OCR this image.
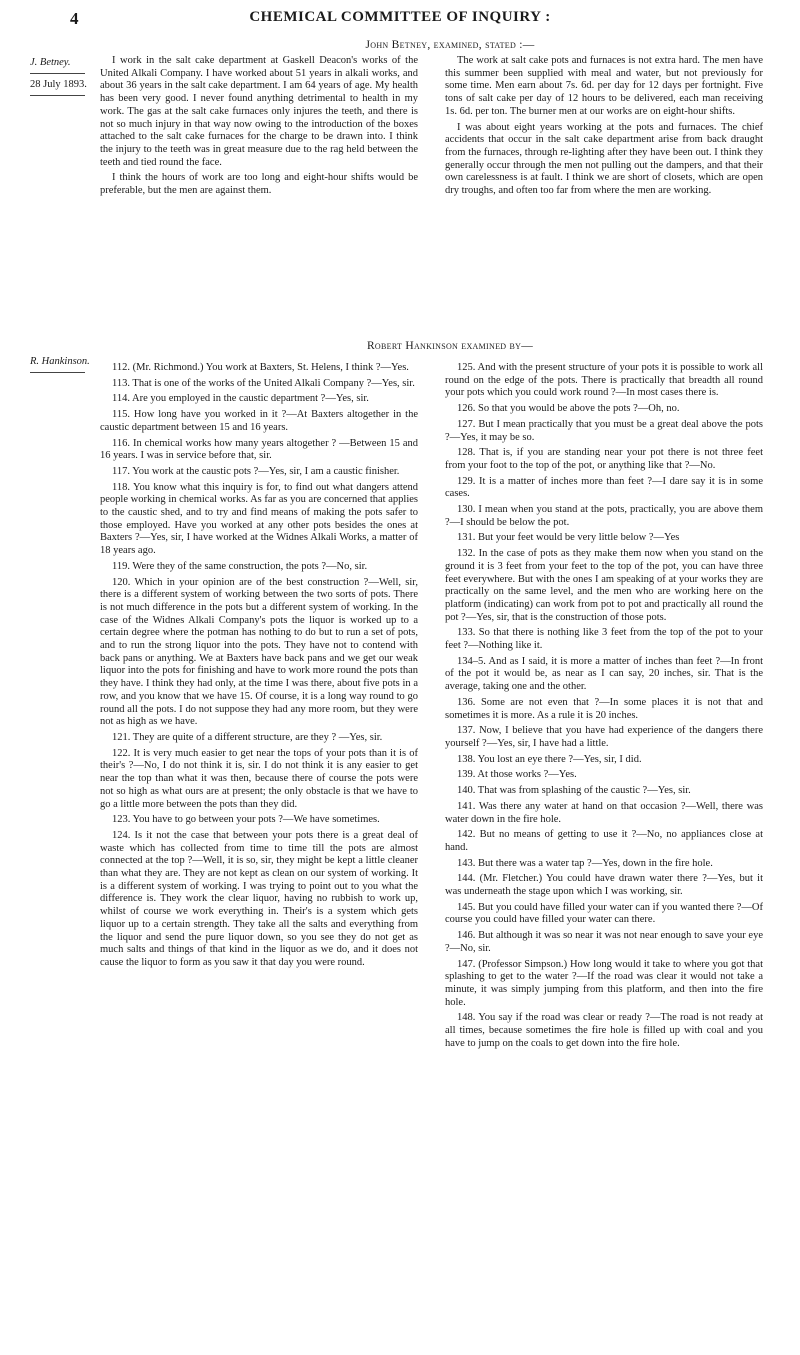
4	CHEMICAL COMMITTEE OF INQUIRY :
J. Betney.
28 July 1893.
John Betney, examined, stated :—

I work in the salt cake department at Gaskell Deacon's works of the United Alkali Company. I have worked about 51 years in alkali works, and about 36 years in the salt cake department. I am 64 years of age. My health has been very good. I never found anything detrimental to health in my work. The gas at the salt cake furnaces only injures the teeth, and there is not so much injury in that way now owing to the introduction of the boxes attached to the salt cake furnaces for the charge to be drawn into. I think the injury to the teeth was in great measure due to the rag held between the teeth and tied round the face.

I think the hours of work are too long and eight-hour shifts would be preferable, but the men are against them.

The work at salt cake pots and furnaces is not extra hard. The men have this summer been supplied with meal and water, but not previously for some time. Men earn about 7s. 6d. per day for 12 days per fortnight. Five tons of salt cake per day of 12 hours to be delivered, each man receiving 1s. 6d. per ton. The burner men at our works are on eight-hour shifts.

I was about eight years working at the pots and furnaces. The chief accidents that occur in the salt cake department arise from back draught from the furnaces, through re-lighting after they have been out. I think they generally occur through the men not pulling out the dampers, and that their own carelessness is at fault. I think we are short of closets, which are open dry troughs, and often too far from where the men are working.

R. Hankinson.
Robert Hankinson examined by—

112. (Mr. Richmond.) You work at Baxters, St. Helens, I think ?—Yes.

113. That is one of the works of the United Alkali Company ?—Yes, sir.

114. Are you employed in the caustic department ?—Yes, sir.

115. How long have you worked in it ?—At Baxters altogether in the caustic department between 15 and 16 years.

116. In chemical works how many years altogether ? —Between 15 and 16 years. I was in service before that, sir.

117. You work at the caustic pots ?—Yes, sir, I am a caustic finisher.

118. You know what this inquiry is for, to find out what dangers attend people working in chemical works. As far as you are concerned that applies to the caustic shed, and to try and find means of making the pots safer to those employed. Have you worked at any other pots besides the ones at Baxters ?—Yes, sir, I have worked at the Widnes Alkali Works, a matter of 18 years ago.

119. Were they of the same construction, the pots ?—No, sir.

120. Which in your opinion are of the best construction ?—Well, sir, there is a different system of working between the two sorts of pots. There is not much difference in the pots but a different system of working. In the case of the Widnes Alkali Company's pots the liquor is worked up to a certain degree where the potman has nothing to do but to run a set of pots, and to run the strong liquor into the pots. They have not to contend with back pans or anything. We at Baxters have back pans and we get our weak liquor into the pots for finishing and have to work more round the pots than they have. I think they had only, at the time I was there, about five pots in a row, and you know that we have 15. Of course, it is a long way round to go round all the pots. I do not suppose they had any more room, but they were not as high as we have.

121. They are quite of a different structure, are they ? —Yes, sir.

122. It is very much easier to get near the tops of your pots than it is of their's ?—No, I do not think it is, sir. I do not think it is any easier to get near the top than what it was then, because there of course the pots were not so high as what ours are at present; the only obstacle is that we have to go a little more between the pots than they did.

123. You have to go between your pots ?—We have sometimes.

124. Is it not the case that between your pots there is a great deal of waste which has collected from time to time till the pots are almost connected at the top ?—Well, it is so, sir, they might be kept a little cleaner than what they are. They are not kept as clean on our system of working. It is a different system of working. I was trying to point out to you what the difference is. They work the clear liquor, having no rubbish to work up, whilst of course we work everything in. Their's is a system which gets liquor up to a certain strength. They take all the salts and everything from the liquor and send the pure liquor down, so you see they do not get as much salts and things of that kind in the liquor as we do, and it does not cause the liquor to form as you saw it that day you were round.

125. And with the present structure of your pots it is possible to work all round on the edge of the pots. There is practically that breadth all round your pots which you could work round ?—In most cases there is.

126. So that you would be above the pots ?—Oh, no.

127. But I mean practically that you must be a great deal above the pots ?—Yes, it may be so.

128. That is, if you are standing near your pot there is not three feet from your foot to the top of the pot, or anything like that ?—No.

129. It is a matter of inches more than feet ?—I dare say it is in some cases.

130. I mean when you stand at the pots, practically, you are above them ?—I should be below the pot.

131. But your feet would be very little below ?—Yes

132. In the case of pots as they make them now when you stand on the ground it is 3 feet from your feet to the top of the pot, you can have three feet everywhere. But with the ones I am speaking of at your works they are practically on the same level, and the men who are working here on the platform (indicating) can work from pot to pot and practically all round the pot ?—Yes, sir, that is the construction of those pots.

133. So that there is nothing like 3 feet from the top of the pot to your feet ?—Nothing like it.

134–5. And as I said, it is more a matter of inches than feet ?—In front of the pot it would be, as near as I can say, 20 inches, sir. That is the average, taking one and the other.

136. Some are not even that ?—In some places it is not that and sometimes it is more. As a rule it is 20 inches.

137. Now, I believe that you have had experience of the dangers there yourself ?—Yes, sir, I have had a little.

138. You lost an eye there ?—Yes, sir, I did.

139. At those works ?—Yes.

140. That was from splashing of the caustic ?—Yes, sir.

141. Was there any water at hand on that occasion ?—Well, there was water down in the fire hole.

142. But no means of getting to use it ?—No, no appliances close at hand.

143. But there was a water tap ?—Yes, down in the fire hole.

144. (Mr. Fletcher.) You could have drawn water there ?—Yes, but it was underneath the stage upon which I was working, sir.

145. But you could have filled your water can if you wanted there ?—Of course you could have filled your water can there.

146. But although it was so near it was not near enough to save your eye ?—No, sir.

147. (Professor Simpson.) How long would it take to where you got that splashing to get to the water ?—If the road was clear it would not take a minute, it was simply jumping from this platform, and then into the fire hole.

148. You say if the road was clear or ready ?—The road is not ready at all times, because sometimes the fire hole is filled up with coal and you have to jump on the coals to get down into the fire hole.
